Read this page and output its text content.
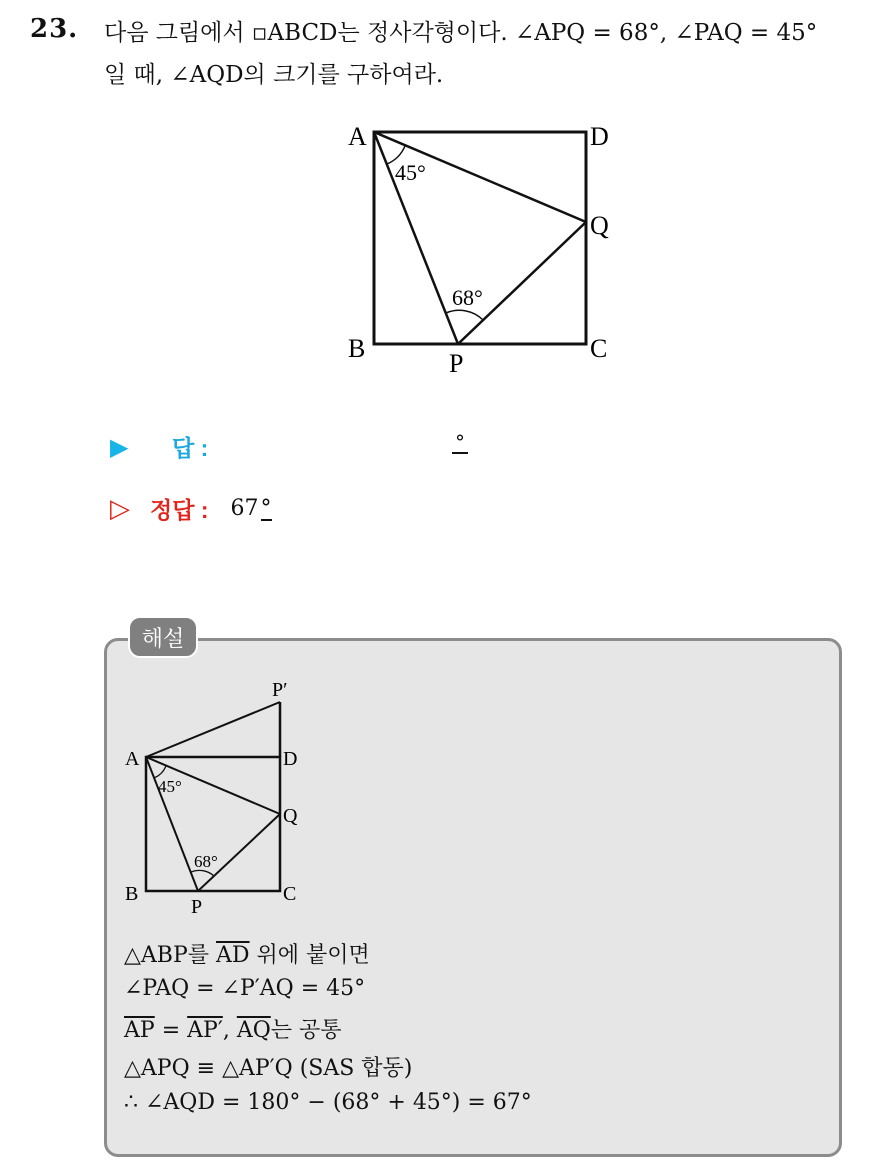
23. 다음 그림에서 ▫ABCD는 정사각형이다. ∠APQ = 68°, ∠PAQ = 45°
일 때, ∠AQD의 크기를 구하여라.
A	D
Q
B	C
P
45°
68°
▶	답 :	°
▷ 정답 : 67°
해설
P′
A	D
Q
B	C
P
45°
68°
△ABP를 $\overline{AD}$ 위에 붙이면
∠PAQ = ∠P′AQ = 45°
$\overline{AP} = AP'$, $\overline{AQ}$는 공통
△APQ ≡ △AP′Q (SAS 합동)
∴ ∠AQD = 180° − (68° + 45°) = 67°
